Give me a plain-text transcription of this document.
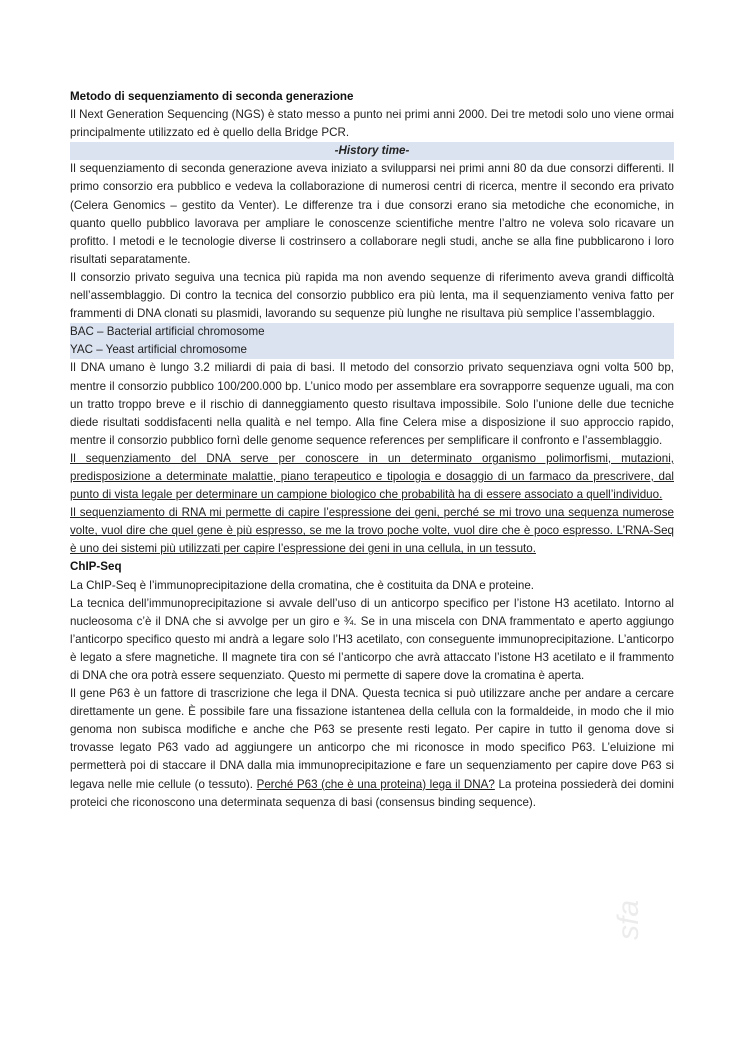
Metodo di sequenziamento di seconda generazione

Il Next Generation Sequencing (NGS) è stato messo a punto nei primi anni 2000. Dei tre metodi solo uno viene ormai principalmente utilizzato ed è quello della Bridge PCR.

-History time-

Il sequenziamento di seconda generazione aveva iniziato a svilupparsi nei primi anni 80 da due consorzi differenti. Il primo consorzio era pubblico e vedeva la collaborazione di numerosi centri di ricerca, mentre il secondo era privato (Celera Genomics – gestito da Venter). Le differenze tra i due consorzi erano sia metodiche che economiche, in quanto quello pubblico lavorava per ampliare le conoscenze scientifiche mentre l’altro ne voleva solo ricavare un profitto. I metodi e le tecnologie diverse li costrinsero a collaborare negli studi, anche se alla fine pubblicarono i loro risultati separatamente.

Il consorzio privato seguiva una tecnica più rapida ma non avendo sequenze di riferimento aveva grandi difficoltà nell’assemblaggio. Di contro la tecnica del consorzio pubblico era più lenta, ma il sequenziamento veniva fatto per frammenti di DNA clonati su plasmidi, lavorando su sequenze più lunghe ne risultava più semplice l’assemblaggio.

BAC – Bacterial artificial chromosome

YAC – Yeast artificial chromosome

Il DNA umano è lungo 3.2 miliardi di paia di basi. Il metodo del consorzio privato sequenziava ogni volta 500 bp, mentre il consorzio pubblico 100/200.000 bp. L’unico modo per assemblare era sovrapporre sequenze uguali, ma con un tratto troppo breve e il rischio di danneggiamento questo risultava impossibile. Solo l’unione delle due tecniche diede risultati soddisfacenti nella qualità e nel tempo. Alla fine Celera mise a disposizione il suo approccio rapido, mentre il consorzio pubblico fornì delle genome sequence references per semplificare il confronto e l’assemblaggio.

Il sequenziamento del DNA serve per conoscere in un determinato organismo polimorfismi, mutazioni, predisposizione a determinate malattie, piano terapeutico e tipologia e dosaggio di un farmaco da prescrivere, dal punto di vista legale per determinare un campione biologico che probabilità ha di essere associato a quell’individuo.

Il sequenziamento di RNA mi permette di capire l’espressione dei geni, perché se mi trovo una sequenza numerose volte, vuol dire che quel gene è più espresso, se me la trovo poche volte, vuol dire che è poco espresso. L’RNA-Seq è uno dei sistemi più utilizzati per capire l’espressione dei geni in una cellula, in un tessuto.

ChIP-Seq

La ChIP-Seq è l’immunoprecipitazione della cromatina, che è costituita da DNA e proteine.

La tecnica dell’immunoprecipitazione si avvale dell’uso di un anticorpo specifico per l’istone H3 acetilato. Intorno al nucleosoma c’è il DNA che si avvolge per un giro e ¾. Se in una miscela con DNA frammentato e aperto aggiungo l’anticorpo specifico questo mi andrà a legare solo l’H3 acetilato, con conseguente immunoprecipitazione. L’anticorpo è legato a sfere magnetiche. Il magnete tira con sé l’anticorpo che avrà attaccato l’istone H3 acetilato e il frammento di DNA che ora potrà essere sequenziato. Questo mi permette di sapere dove la cromatina è aperta.

Il gene P63 è un fattore di trascrizione che lega il DNA. Questa tecnica si può utilizzare anche per andare a cercare direttamente un gene. È possibile fare una fissazione istantenea della cellula con la formaldeide, in modo che il mio genoma non subisca modifiche e anche che P63 se presente resti legato. Per capire in tutto il genoma dove si trovasse legato P63 vado ad aggiungere un anticorpo che mi riconosce in modo specifico P63. L’eluizione mi permetterà poi di staccare il DNA dalla mia immunoprecipitazione e fare un sequenziamento per capire dove P63 si legava nelle mie cellule (o tessuto). Perché P63 (che è una proteina) lega il DNA? La proteina possiederà dei domini proteici che riconoscono una determinata sequenza di basi (consensus binding sequence).

sfa
